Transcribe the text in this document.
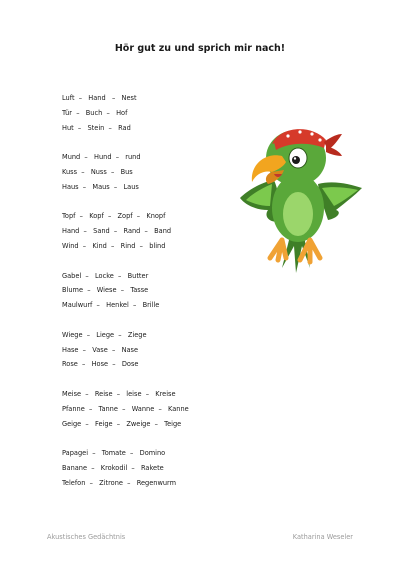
Hör gut zu und sprich mir nach!
Luft  –   Hand   –   Nest
Tür  –   Buch  –   Hof
Hut  –   Stein  –   Rad
Mund  –   Hund  –   rund
Kuss  –   Nuss  –   Bus
Haus  –   Maus  –   Laus
Topf  –   Kopf  –   Zopf  –   Knopf
Hand  –   Sand  –   Rand  –   Band
Wind  –   Kind  –   Rind  –   blind
Gabel  –   Locke  –   Butter
Blume  –   Wiese  –   Tasse
Maulwurf  –   Henkel  –   Brille
Wiege  –   Liege  –   Ziege
Hase  –   Vase  –   Nase
Rose  –   Hose  –   Dose
Meise  –   Reise  –   leise  –   Kreise
Pfanne  –   Tanne  –   Wanne  –   Kanne
Geige  –   Feige  –   Zweige  –   Teige
Papagei  –   Tomate  –   Domino
Banane  –   Krokodil  –   Rakete
Telefon  –   Zitrone  –   Regenwurm
Akustisches Gedächtnis	Katharina Weseler
